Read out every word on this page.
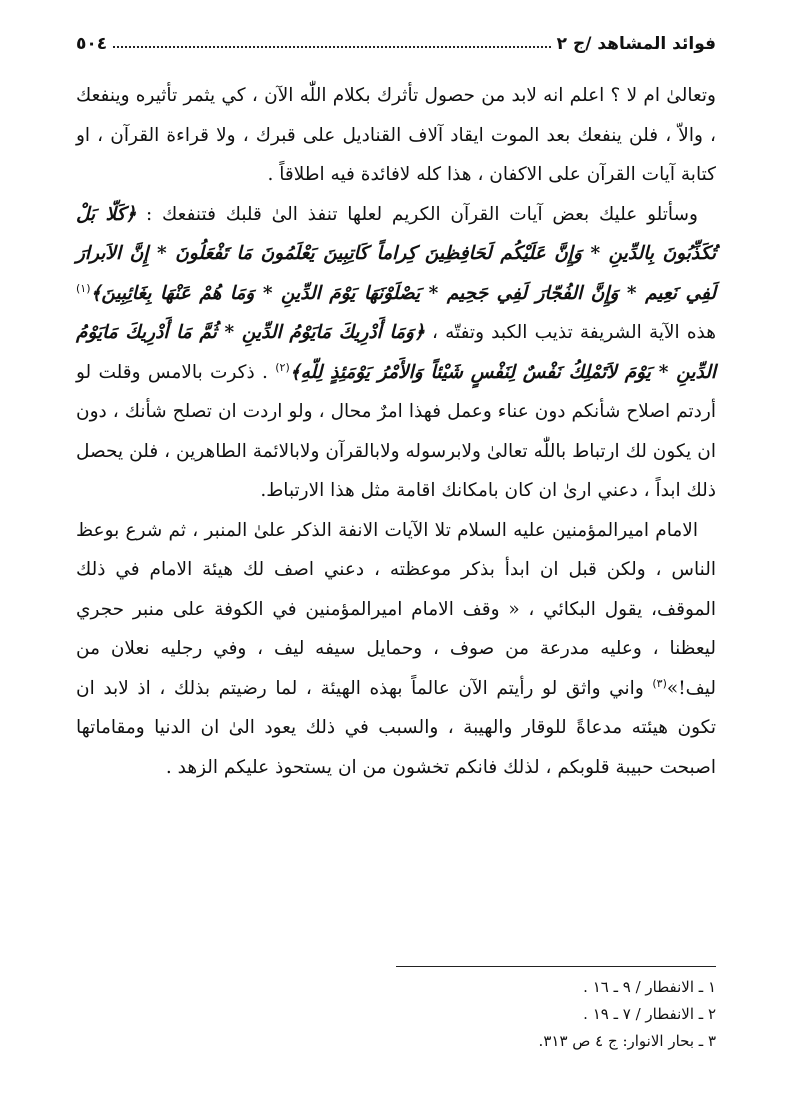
٥٠٤	فوائد المشاهد /ج ٢

وتعالىٰ ام لا ؟ اعلم انه لابد من حصول تأثرك بكلام اللّٰه الآن ، كي يثمر تأثيره وينفعك ، والاّ ، فلن ينفعك بعد الموت ايقاد آلاف القناديل على قبرك ، ولا قراءة القرآن ، او كتابة آيات القرآن على الاكفان ، هذا كله لافائدة فيه اطلاقاً .

وسأتلو عليك بعض آيات القرآن الكريم لعلها تنفذ الىٰ قلبك فتنفعك : ﴿كَلّا بَلْ تُكَذِّبُونَ بِالدِّينِ * وَإِنَّ عَلَيْكُم لَحَافِظِينَ كِراماً كَاتِبِينَ يَعْلَمُونَ مَا تَفْعَلُونَ * إِنَّ الاَبرارَ لَفِي نَعِيم * وَإِنَّ الفُجّارَ لَفِي جَحِيم * يَصْلَوْنَهَا يَوْمَ الدِّينِ * وَمَا هُمْ عَنْهَا بِغَائِبِينَ﴾$^{(١)}$ هذه الآية الشريفة تذيب الكبد وتفتّه ، ﴿وَمَا أَدْرِيكَ مَايَوْمُ الدِّينِ * ثُمَّ مَا أَدْرِيكَ مَايَوْمُ الدِّينِ * يَوْمَ لاَتَمْلِكُ نَفْسٌ لِنَفْسٍ شَيْئاً وَالأَمْرُ يَوْمَئِذٍ لِلّهِ﴾$^{(٢)}$ . ذكرت بالامس وقلت لو أردتم اصلاح شأنكم دون عناء وعمل فهذا امرٌ محال ، ولو اردت ان تصلح شأنك ، دون ان يكون لك ارتباط باللّٰه تعالىٰ ولابرسوله ولابالقرآن ولابالائمة الطاهرين ، فلن يحصل ذلك ابداً ، دعني ارىٰ ان كان بامكانك اقامة مثل هذا الارتباط.

الامام اميرالمؤمنين عليه السلام تلا الآيات الانفة الذكر علىٰ المنبر ، ثم شرع بوعظ الناس ، ولكن قبل ان ابدأ بذكر موعظته ، دعني اصف لك هيئة الامام في ذلك الموقف، يقول البكائي ، « وقف الامام اميرالمؤمنين في الكوفة على منبر حجري ليعظنا ، وعليه مدرعة من صوف ، وحمايل سيفه ليف ، وفي رجليه نعلان من ليف!»$^{(٣)}$ واني واثق لو رأيتم الآن عالماً بهذه الهيئة ، لما رضيتم بذلك ، اذ لابد ان تكون هيئته مدعاةً للوقار والهيبة ، والسبب في ذلك يعود الىٰ ان الدنيا ومقاماتها اصبحت حبيبة قلوبكم ، لذلك فانكم تخشون من ان يستحوذ عليكم الزهد .

١ ـ الانفطار / ٩ ـ ١٦ .
٢ ـ الانفطار / ٧ ـ ١٩ .
٣ ـ بحار الانوار: ج ٤ ص ٣١٣.
